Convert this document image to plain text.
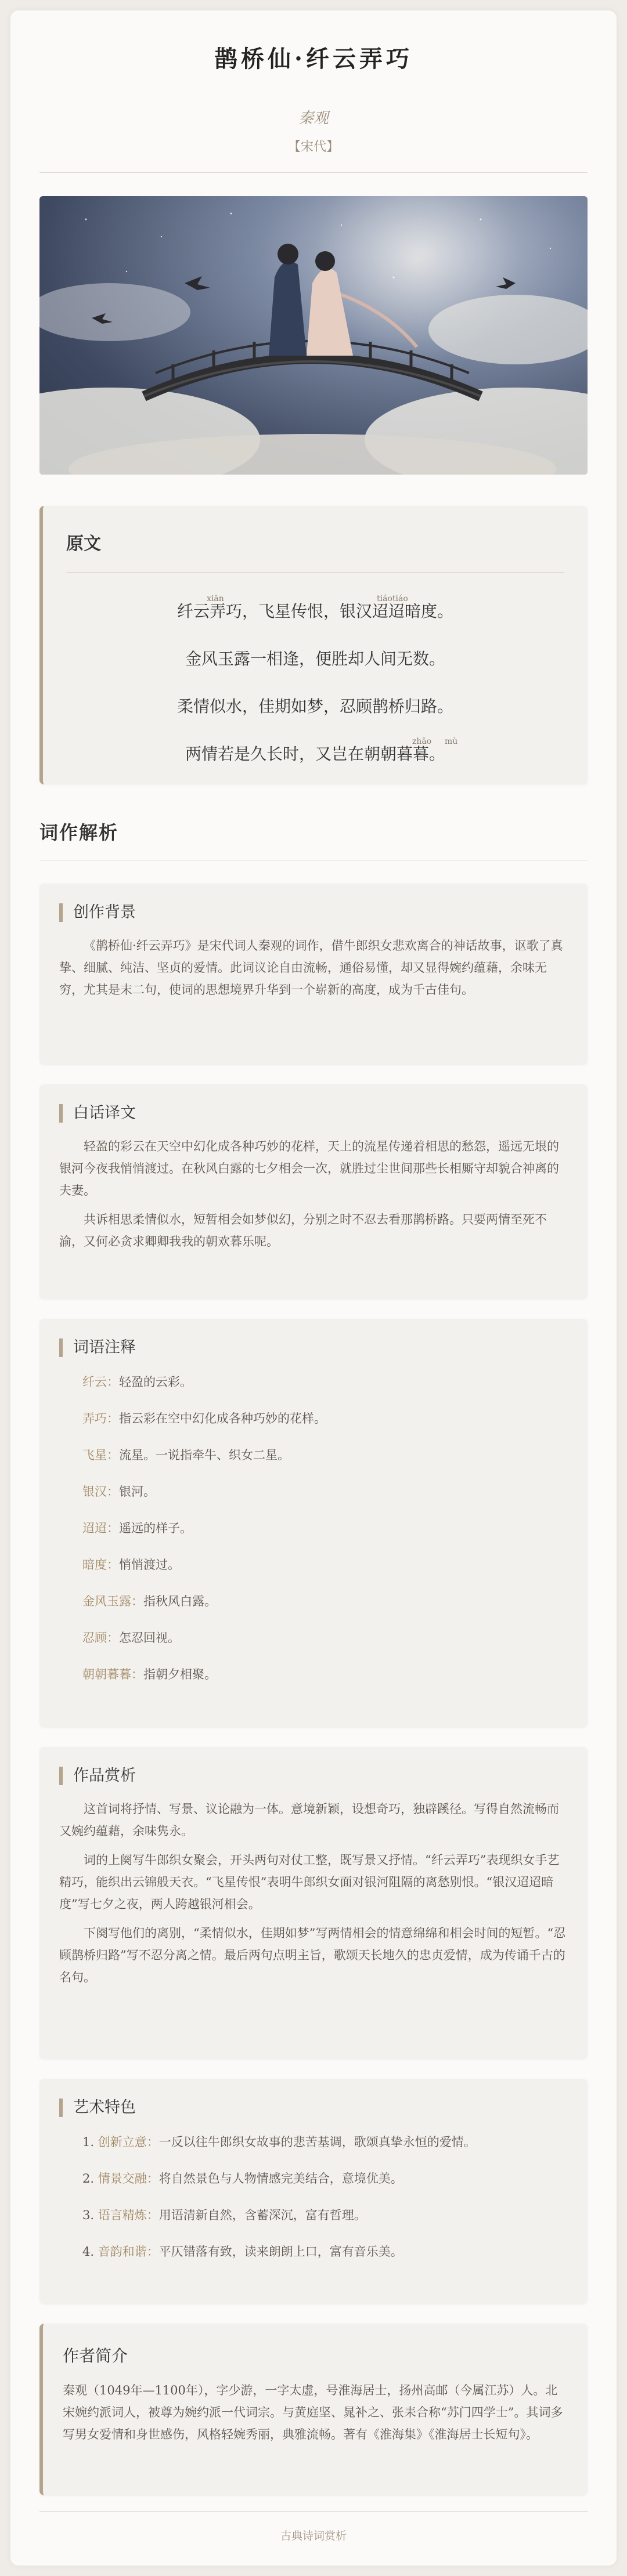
鹊桥仙·纤云弄巧
秦观
【宋代】
原文
xiān	tiáotiáo
纤云弄巧，飞星传恨，银汉迢迢暗度。
金风玉露一相逢，便胜却人间无数。
柔情似水，佳期如梦，忍顾鹊桥归路。
zhāo mù
两情若是久长时，又岂在朝朝暮暮。
词作解析
创作背景
《鹊桥仙·纤云弄巧》是宋代词人秦观的词作，借牛郎织女悲欢离合的神话故事，讴歌了真挚、细腻、纯洁、坚贞的爱情。此词议论自由流畅，通俗易懂，却又显得婉约蕴藉，余味无穷，尤其是末二句，使词的思想境界升华到一个崭新的高度，成为千古佳句。
白话译文
轻盈的彩云在天空中幻化成各种巧妙的花样，天上的流星传递着相思的愁怨，遥远无垠的银河今夜我悄悄渡过。在秋风白露的七夕相会一次，就胜过尘世间那些长相厮守却貌合神离的夫妻。
共诉相思柔情似水，短暂相会如梦似幻，分别之时不忍去看那鹊桥路。只要两情至死不渝，又何必贪求卿卿我我的朝欢暮乐呢。
词语注释
纤云：轻盈的云彩。
弄巧：指云彩在空中幻化成各种巧妙的花样。
飞星：流星。一说指牵牛、织女二星。
银汉：银河。
迢迢：遥远的样子。
暗度：悄悄渡过。
金风玉露：指秋风白露。
忍顾：怎忍回视。
朝朝暮暮：指朝夕相聚。
作品赏析
这首词将抒情、写景、议论融为一体。意境新颖，设想奇巧，独辟蹊径。写得自然流畅而又婉约蕴藉，余味隽永。
词的上阕写牛郎织女聚会，开头两句对仗工整，既写景又抒情。“纤云弄巧”表现织女手艺精巧，能织出云锦般天衣。“飞星传恨”表明牛郎织女面对银河阻隔的离愁别恨。“银汉迢迢暗度”写七夕之夜，两人跨越银河相会。
下阕写他们的离别，“柔情似水，佳期如梦”写两情相会的情意绵绵和相会时间的短暂。“忍顾鹊桥归路”写不忍分离之情。最后两句点明主旨，歌颂天长地久的忠贞爱情，成为传诵千古的名句。
艺术特色
1. 创新立意：一反以往牛郎织女故事的悲苦基调，歌颂真挚永恒的爱情。
2. 情景交融：将自然景色与人物情感完美结合，意境优美。
3. 语言精炼：用语清新自然，含蓄深沉，富有哲理。
4. 音韵和谐：平仄错落有致，读来朗朗上口，富有音乐美。
作者简介
秦观（1049年—1100年），字少游，一字太虚，号淮海居士，扬州高邮（今属江苏）人。北宋婉约派词人，被尊为婉约派一代词宗。与黄庭坚、晁补之、张耒合称“苏门四学士”。其词多写男女爱情和身世感伤，风格轻婉秀丽，典雅流畅。著有《淮海集》《淮海居士长短句》。
古典诗词赏析
